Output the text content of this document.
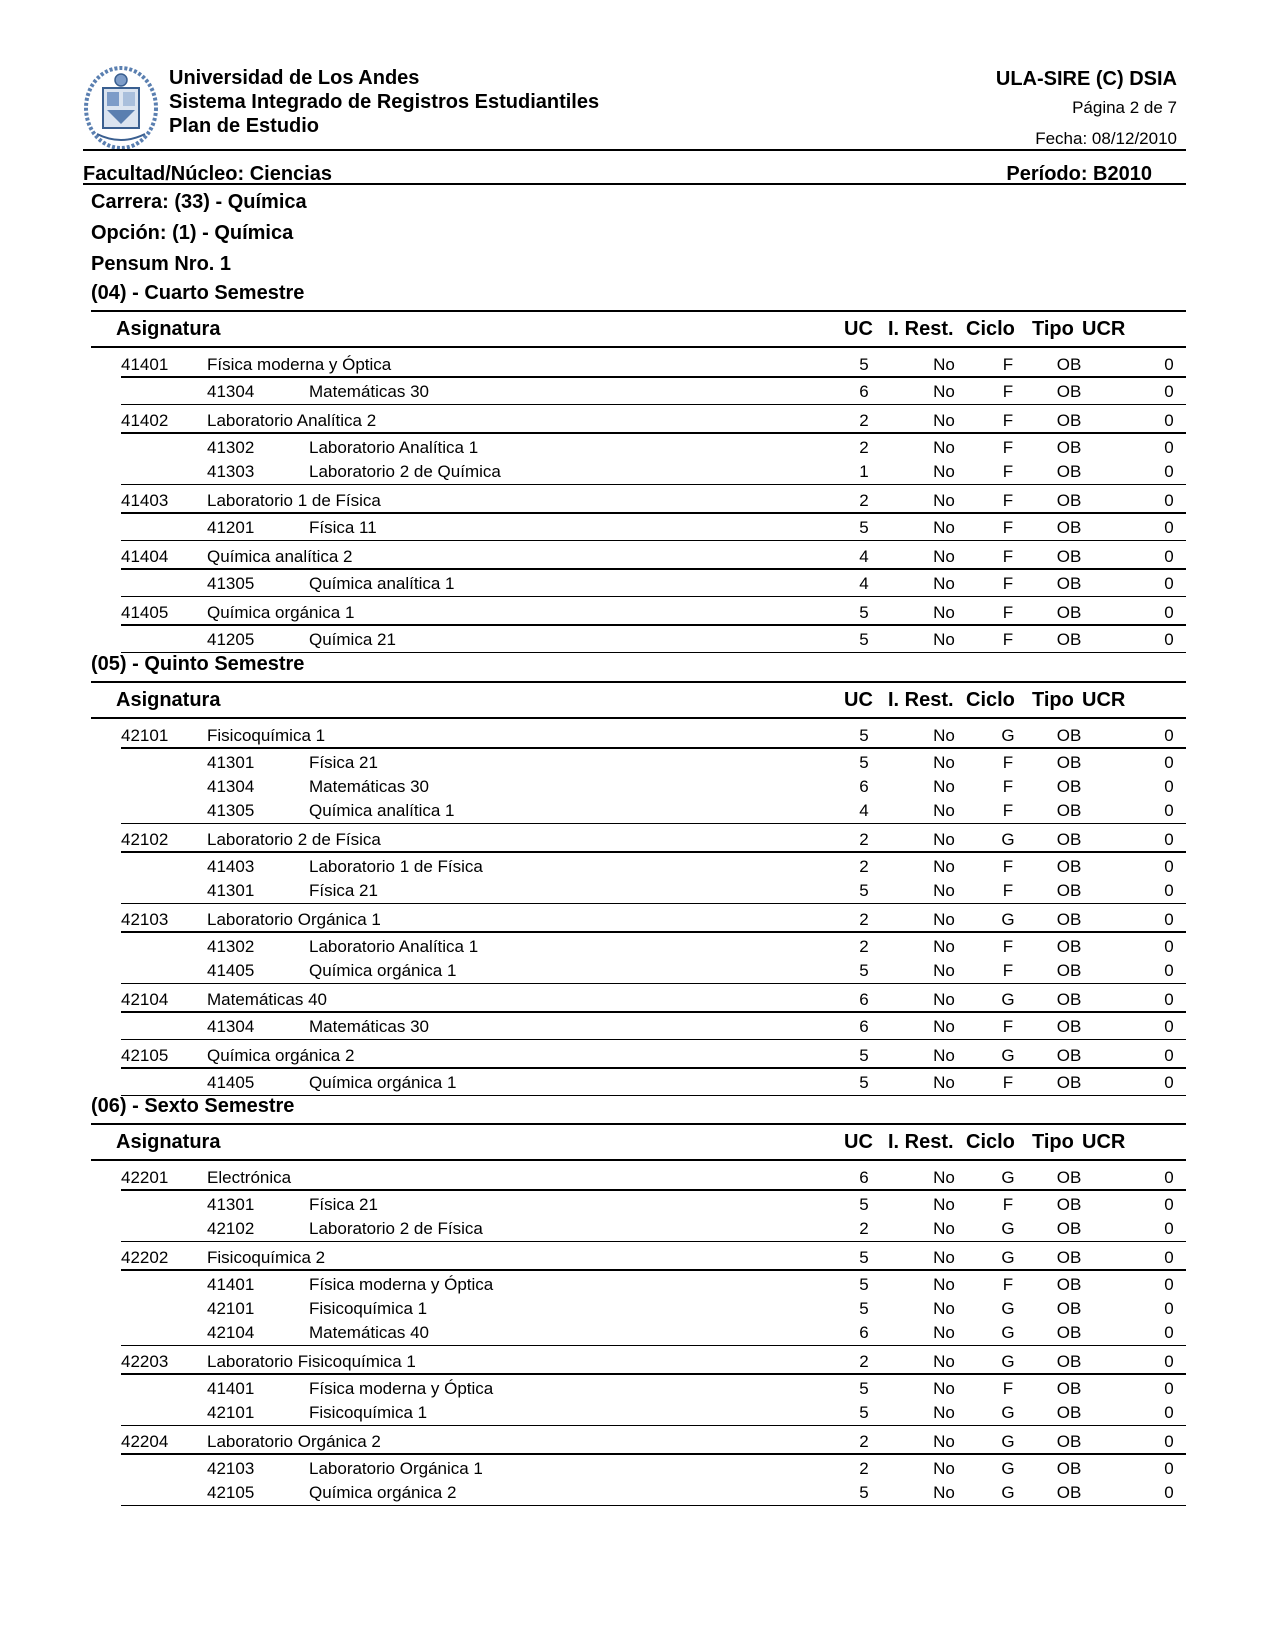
Universidad de Los Andes
Sistema Integrado de Registros Estudiantiles
Plan de Estudio
ULA-SIRE (C) DSIA
Página 2 de 7
Fecha: 08/12/2010
Facultad/Núcleo: Ciencias	Período: B2010
Carrera: (33) - Química
Opción: (1) - Química
Pensum Nro. 1
(04) - Cuarto Semestre
Asignatura	UC I. Rest. Ciclo Tipo UCR
41401 Física moderna y Óptica	5	No	F	OB	0
41304	Matemáticas 30	6	No	F	OB	0
41402 Laboratorio Analítica 2	2	No	F	OB	0
41302	Laboratorio Analítica 1	2	No	F	OB	0
41303	Laboratorio 2 de Química	1	No	F	OB	0
41403 Laboratorio 1 de Física	2	No	F	OB	0
41201	Física 11	5	No	F	OB	0
41404 Química analítica 2	4	No	F	OB	0
41305	Química analítica 1	4	No	F	OB	0
41405 Química orgánica 1	5	No	F	OB	0
41205	Química 21	5	No	F	OB	0
(05) - Quinto Semestre
Asignatura	UC I. Rest. Ciclo Tipo UCR
42101 Fisicoquímica 1	5	No	G	OB	0
41301	Física 21	5	No	F	OB	0
41304	Matemáticas 30	6	No	F	OB	0
41305	Química analítica 1	4	No	F	OB	0
42102 Laboratorio 2 de Física	2	No	G	OB	0
41403	Laboratorio 1 de Física	2	No	F	OB	0
41301	Física 21	5	No	F	OB	0
42103 Laboratorio Orgánica 1	2	No	G	OB	0
41302	Laboratorio Analítica 1	2	No	F	OB	0
41405	Química orgánica 1	5	No	F	OB	0
42104 Matemáticas 40	6	No	G	OB	0
41304	Matemáticas 30	6	No	F	OB	0
42105 Química orgánica 2	5	No	G	OB	0
41405	Química orgánica 1	5	No	F	OB	0
(06) - Sexto Semestre
Asignatura	UC I. Rest. Ciclo Tipo UCR
42201 Electrónica	6	No	G	OB	0
41301	Física 21	5	No	F	OB	0
42102	Laboratorio 2 de Física	2	No	G	OB	0
42202 Fisicoquímica 2	5	No	G	OB	0
41401	Física moderna y Óptica	5	No	F	OB	0
42101	Fisicoquímica 1	5	No	G	OB	0
42104	Matemáticas 40	6	No	G	OB	0
42203 Laboratorio Fisicoquímica 1	2	No	G	OB	0
41401	Física moderna y Óptica	5	No	F	OB	0
42101	Fisicoquímica 1	5	No	G	OB	0
42204 Laboratorio Orgánica 2	2	No	G	OB	0
42103	Laboratorio Orgánica 1	2	No	G	OB	0
42105	Química orgánica 2	5	No	G	OB	0
